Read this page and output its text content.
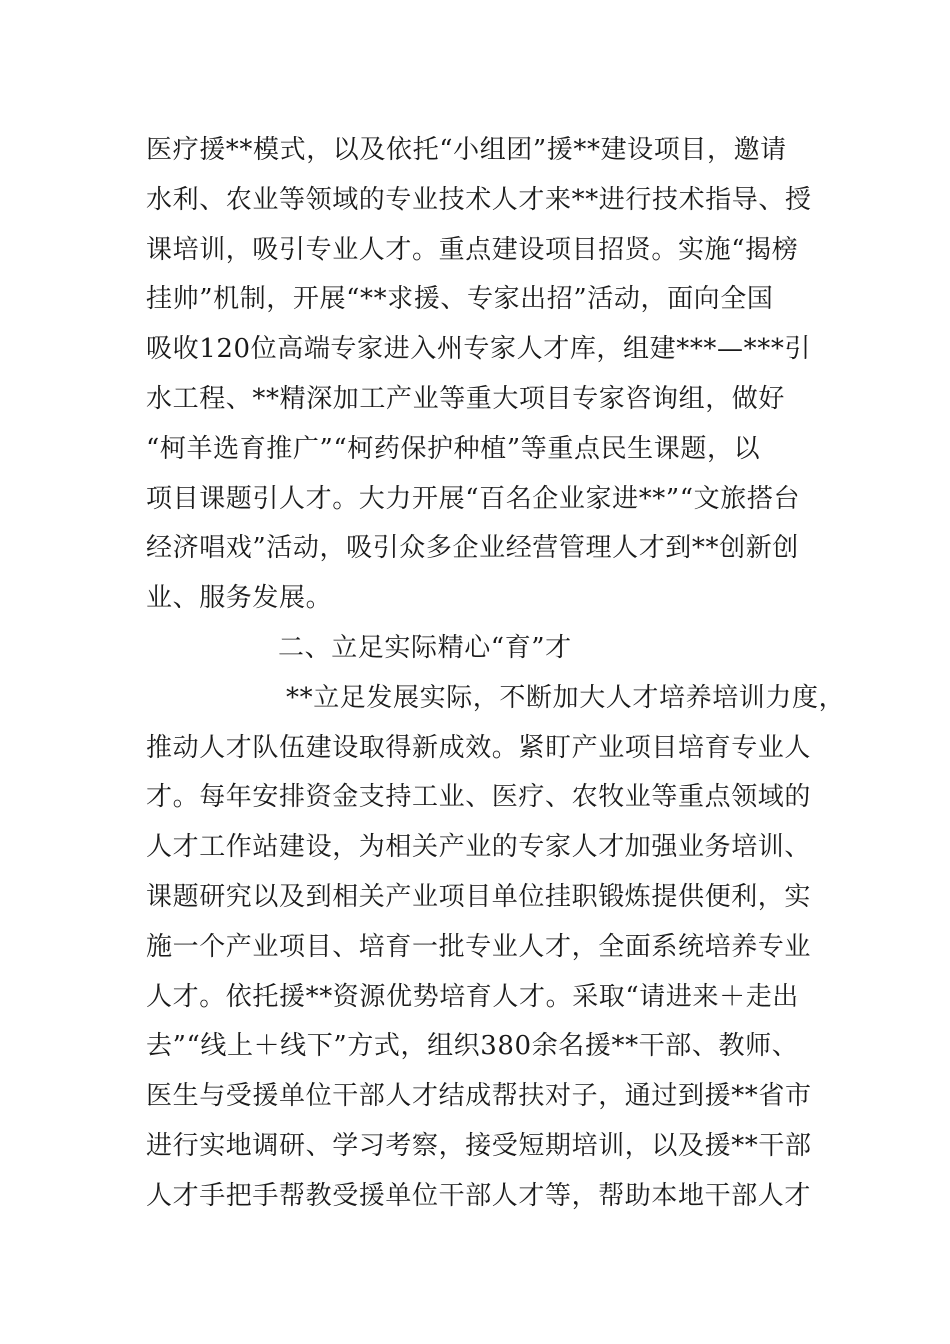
医疗援**模式，以及依托“小组团”援**建设项目，邀请
水利、农业等领域的专业技术人才来**进行技术指导、授
课培训，吸引专业人才。重点建设项目招贤。实施“揭榜
挂帅”机制，开展“**求援、专家出招”活动，面向全国
吸收120位高端专家进入州专家人才库，组建***—***引
水工程、**精深加工产业等重大项目专家咨询组，做好
“柯羊选育推广”“柯药保护种植”等重点民生课题，以
项目课题引人才。大力开展“百名企业家进**”“文旅搭台
经济唱戏”活动，吸引众多企业经营管理人才到**创新创
业、服务发展。
二、立足实际精心“育”才
**立足发展实际，不断加大人才培养培训力度，
推动人才队伍建设取得新成效。紧盯产业项目培育专业人
才。每年安排资金支持工业、医疗、农牧业等重点领域的
人才工作站建设，为相关产业的专家人才加强业务培训、
课题研究以及到相关产业项目单位挂职锻炼提供便利，实
施一个产业项目、培育一批专业人才，全面系统培养专业
人才。依托援**资源优势培育人才。采取“请进来＋走出
去”“线上＋线下”方式，组织380余名援**干部、教师、
医生与受援单位干部人才结成帮扶对子，通过到援**省市
进行实地调研、学习考察，接受短期培训，以及援**干部
人才手把手帮教受援单位干部人才等，帮助本地干部人才
